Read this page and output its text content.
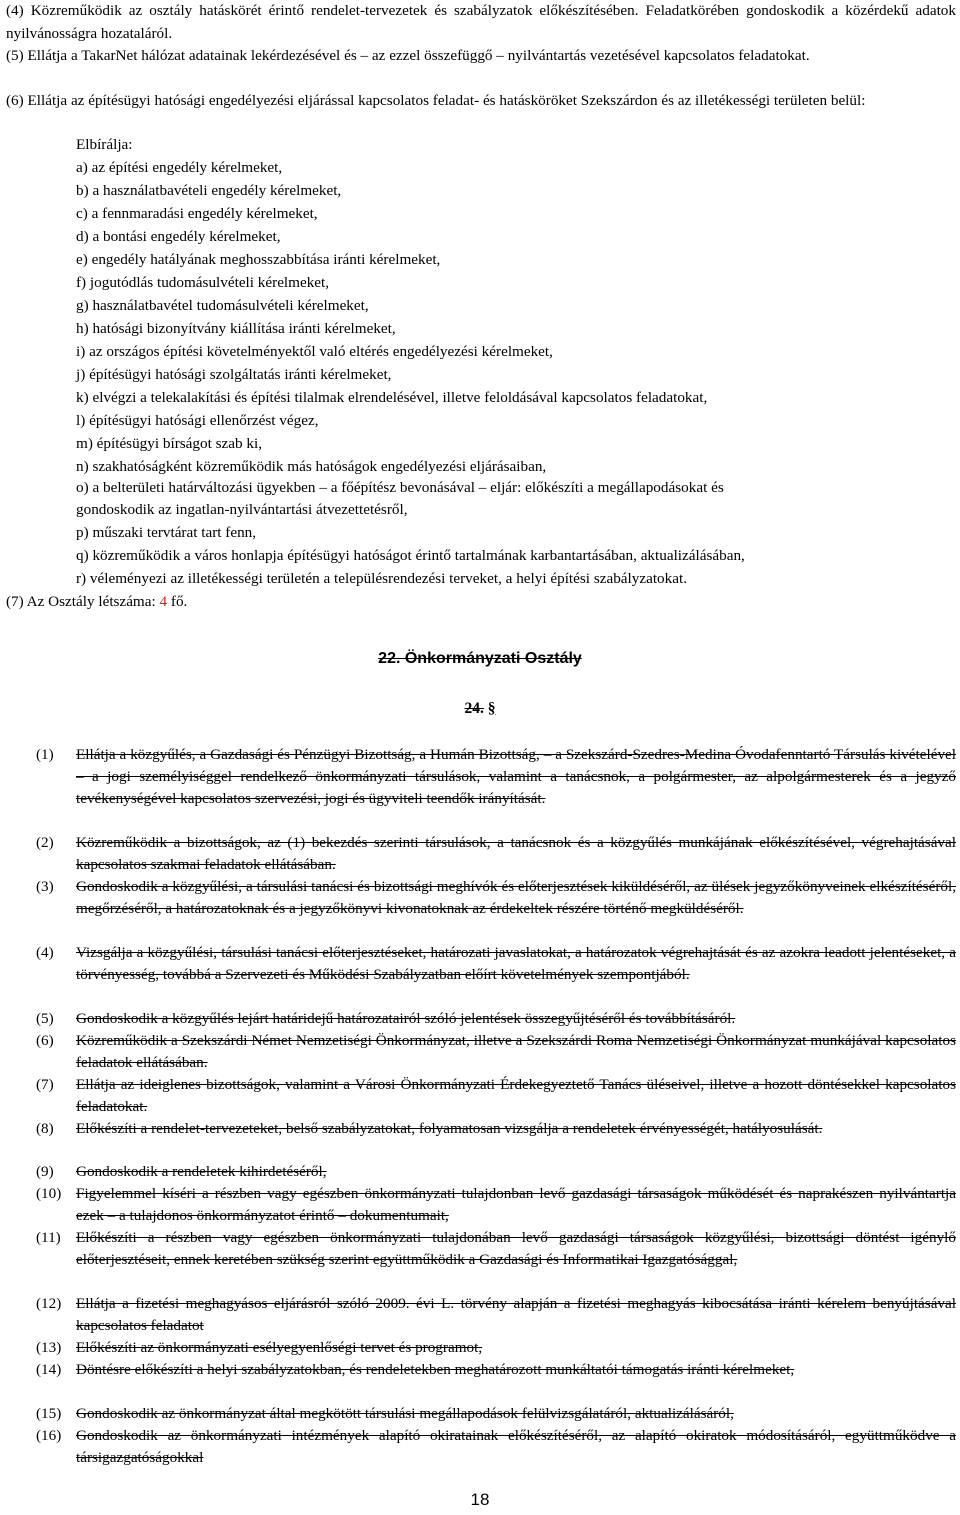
(4) Közreműködik az osztály hatáskörét érintő rendelet-tervezetek és szabályzatok előkészítésében. Feladatkörében gondoskodik a közérdekű adatok nyilvánosságra hozataláról.

(5) Ellátja a TakarNet hálózat adatainak lekérdezésével és – az ezzel összefüggő – nyilvántartás vezetésével kapcsolatos feladatokat.

(6) Ellátja az építésügyi hatósági engedélyezési eljárással kapcsolatos feladat- és hatásköröket Szekszárdon és az illetékességi területen belül:

Elbírálja:

a) az építési engedély kérelmeket,

b) a használatbavételi engedély kérelmeket,

c) a fennmaradási engedély kérelmeket,

d) a bontási engedély kérelmeket,

e) engedély hatályának meghosszabbítása iránti kérelmeket,

f) jogutódlás tudomásulvételi kérelmeket,

g) használatbavétel tudomásulvételi kérelmeket,

h) hatósági bizonyítvány kiállítása iránti kérelmeket,

i) az országos építési követelményektől való eltérés engedélyezési kérelmeket,

j) építésügyi hatósági szolgáltatás iránti kérelmeket,

k) elvégzi a telekalakítási és építési tilalmak elrendelésével, illetve feloldásával kapcsolatos feladatokat,

l) építésügyi hatósági ellenőrzést végez,

m) építésügyi bírságot szab ki,

n) szakhatóságként közreműködik más hatóságok engedélyezési eljárásaiban,

o) a belterületi határváltozási ügyekben – a főépítész bevonásával – eljár: előkészíti a megállapodásokat és

gondoskodik az ingatlan-nyilvántartási átvezettetésről,

p) műszaki tervtárat tart fenn,

q) közreműködik a város honlapja építésügyi hatóságot érintő tartalmának karbantartásában, aktualizálásában,

r) véleményezi az illetékességi területén a településrendezési terveket, a helyi építési szabályzatokat.

(7) Az Osztály létszáma: 4 fő.

22. Önkormányzati Osztály

24. §

(1)	Ellátja a közgyűlés, a Gazdasági és Pénzügyi Bizottság, a Humán Bizottság, – a Szekszárd-Szedres-Medina Óvodafenntartó Társulás kivételével – a jogi személyiséggel rendelkező önkormányzati társulások, valamint a tanácsnok, a polgármester, az alpolgármesterek és a jegyző tevékenységével kapcsolatos szervezési, jogi és ügyviteli teendők irányítását.
(2)	Közreműködik a bizottságok, az (1) bekezdés szerinti társulások, a tanácsnok és a közgyűlés munkájának előkészítésével, végrehajtásával kapcsolatos szakmai feladatok ellátásában.
(3)	Gondoskodik a közgyűlési, a társulási tanácsi és bizottsági meghívók és előterjesztések kiküldéséről, az ülések jegyzőkönyveinek elkészítéséről, megőrzéséről, a határozatoknak és a jegyzőkönyvi kivonatoknak az érdekeltek részére történő megküldéséről.
(4)	Vizsgálja a közgyűlési, társulási tanácsi előterjesztéseket, határozati javaslatokat, a határozatok végrehajtását és az azokra leadott jelentéseket, a törvényesség, továbbá a Szervezeti és Működési Szabályzatban előírt követelmények szempontjából.
(5)	Gondoskodik a közgyűlés lejárt határidejű határozatairól szóló jelentések összegyűjtéséről és továbbításáról.
(6)	Közreműködik a Szekszárdi Német Nemzetiségi Önkormányzat, illetve a Szekszárdi Roma Nemzetiségi Önkormányzat munkájával kapcsolatos feladatok ellátásában.
(7)	Ellátja az ideiglenes bizottságok, valamint a Városi Önkormányzati Érdekegyeztető Tanács üléseivel, illetve a hozott döntésekkel kapcsolatos feladatokat.
(8)	Előkészíti a rendelet-tervezeteket, belső szabályzatokat, folyamatosan vizsgálja a rendeletek érvényességét, hatályosulását.
(9)	Gondoskodik a rendeletek kihirdetéséről,
(10) Figyelemmel kíséri a részben vagy egészben önkormányzati tulajdonban levő gazdasági társaságok működését és naprakészen nyilvántartja ezek – a tulajdonos önkormányzatot érintő – dokumentumait,
(11)	Előkészíti a részben vagy egészben önkormányzati tulajdonában levő gazdasági társaságok közgyűlési, bizottsági döntést igénylő előterjesztéseit, ennek keretében szükség szerint együttműködik a Gazdasági és Informatikai Igazgatósággal,
(12) Ellátja a fizetési meghagyásos eljárásról szóló 2009. évi L. törvény alapján a fizetési meghagyás kibocsátása iránti kérelem benyújtásával kapcsolatos feladatot
(13) Előkészíti az önkormányzati esélyegyenlőségi tervet és programot,
(14) Döntésre előkészíti a helyi szabályzatokban, és rendeletekben meghatározott munkáltatói támogatás iránti kérelmeket,
(15) Gondoskodik az önkormányzat által megkötött társulási megállapodások felülvizsgálatáról, aktualizálásáról,
(16) Gondoskodik az önkormányzati intézmények alapító okiratainak előkészítéséről, az alapító okiratok módosításáról, együttműködve a társigazgatóságokkal

18
